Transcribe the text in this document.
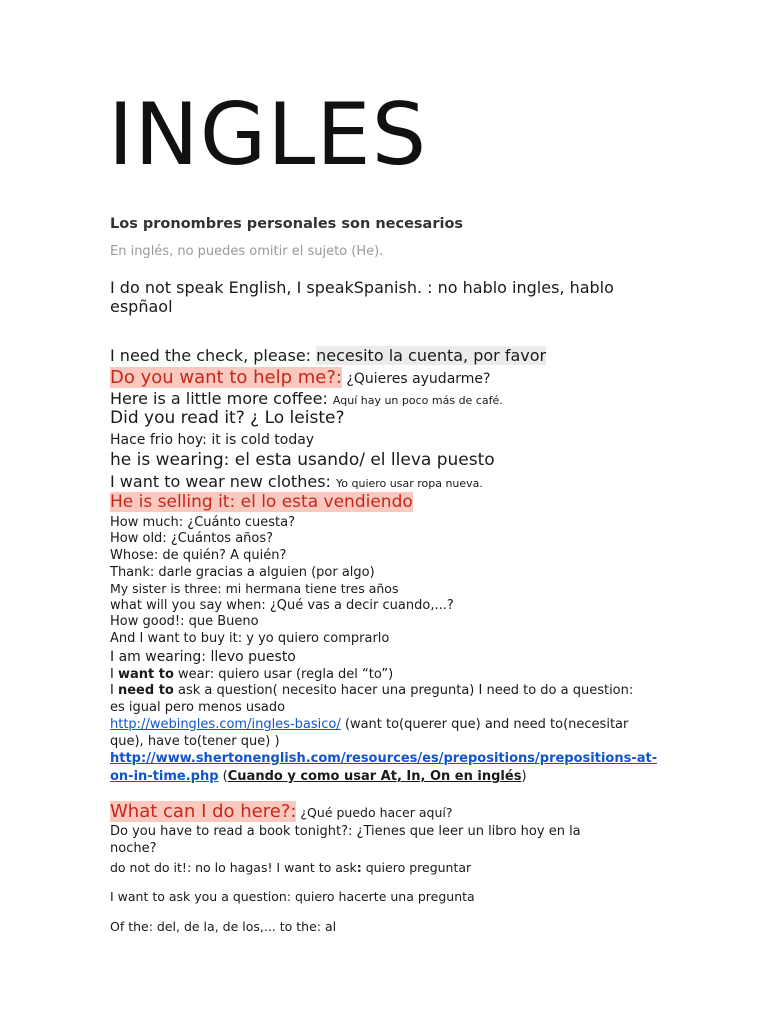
INGLES
Los pronombres personales son necesarios
En inglés, no puedes omitir el sujeto (He).
I do not speak English, I speakSpanish. : no hablo ingles, hablo
espñaol
I need the check, please: necesito la cuenta, por favor
Do you want to help me?: ¿Quieres ayudarme?
Here is a little more coffee: Aquí hay un poco más de café.
Did you read it? ¿ Lo leiste?
Hace frio hoy: it is cold today
he is wearing: el esta usando/ el lleva puesto
I want to wear new clothes: Yo quiero usar ropa nueva.
He is selling it: el lo esta vendiendo
How much: ¿Cuánto cuesta?
How old: ¿Cuántos años?
Whose: de quién? A quién?
Thank: darle gracias a alguien (por algo)
My sister is three: mi hermana tiene tres años
what will you say when: ¿Qué vas a decir cuando,...?
How good!: que Bueno
And I want to buy it: y yo quiero comprarlo
I am wearing: llevo puesto
I want to wear: quiero usar (regla del “to”)
I need to ask a question( necesito hacer una pregunta) I need to do a question:
es igual pero menos usado
http://webingles.com/ingles-basico/ (want to(querer que) and need to(necesitar
que), have to(tener que) )
http://www.shertonenglish.com/resources/es/prepositions/prepositions-at-
on-in-time.php (Cuando y como usar At, In, On en inglés)
What can I do here?: ¿Qué puedo hacer aquí?
Do you have to read a book tonight?: ¿Tienes que leer un libro hoy en la
noche?
do not do it!: no lo hagas! I want to ask: quiero preguntar
I want to ask you a question: quiero hacerte una pregunta
Of the: del, de la, de los,... to the: al
